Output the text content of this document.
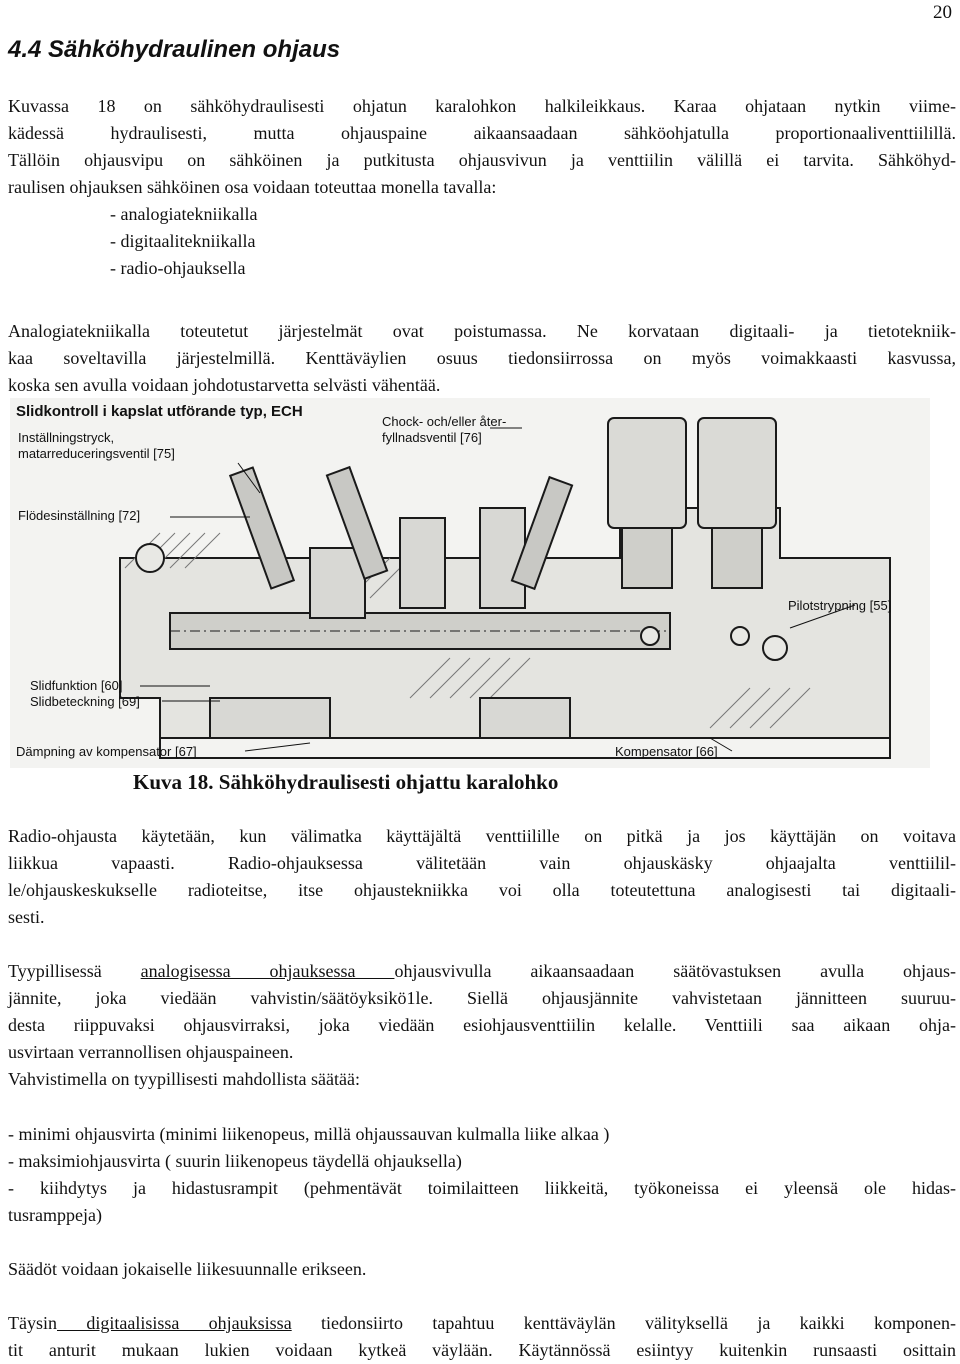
20
4.4 Sähköhydraulinen ohjaus
Kuvassa 18 on sähköhydraulisesti ohjatun karalohkon halkileikkaus. Karaa ohjataan nytkin viime-
kädessä hydraulisesti, mutta ohjauspaine aikaansaadaan sähköohjatulla proportionaaliventtiilillä.
Tällöin ohjausvipu on sähköinen ja putkitusta ohjausvivun ja venttiilin välillä ei tarvita. Sähköhyd-
raulisen ohjauksen sähköinen osa voidaan toteuttaa monella tavalla:
- analogiatekniikalla
- digitaalitekniikalla
- radio-ohjauksella
Analogiatekniikalla toteutetut järjestelmät ovat poistumassa. Ne korvataan digitaali- ja tietotekniik-
kaa soveltavilla järjestelmillä. Kenttäväylien osuus tiedonsiirrossa on myös voimakkaasti kasvussa,
koska sen avulla voidaan johdotustarvetta selvästi vähentää.
Slidkontroll i kapslat utförande typ, ECH
Inställningstryck,
matarreduceringsventil [75]
Flödesinställning [72]
Chock- och/eller åter-
fyllnadsventil [76]
Pilotstrypning [55]
Slidfunktion [60]
Slidbeteckning [69]
Dämpning av kompensator [67]	Kompensator [66]
Kuva 18. Sähköhydraulisesti ohjattu karalohko
Radio-ohjausta käytetään, kun välimatka käyttäjältä venttiilille on pitkä ja jos käyttäjän on voitava
liikkua vapaasti. Radio-ohjauksessa välitetään vain ohjauskäsky ohjaajalta venttiilil-
le/ohjauskeskukselle radioteitse, itse ohjaustekniikka voi olla toteutettuna analogisesti tai digitaali-
sesti.
Tyypillisessä analogisessa ohjauksessa ohjausvivulla aikaansaadaan säätövastuksen avulla ohjaus-
jännite, joka viedään vahvistin/säätöyksikö1le. Siellä ohjausjännite vahvistetaan jännitteen suuruu-
desta riippuvaksi ohjausvirraksi, joka viedään esiohjausventtiilin kelalle. Venttiili saa aikaan ohja-
usvirtaan verrannollisen ohjauspaineen.
Vahvistimella on tyypillisesti mahdollista säätää:
- minimi ohjausvirta (minimi liikenopeus, millä ohjaussauvan kulmalla liike alkaa )
- maksimiohjausvirta ( suurin liikenopeus täydellä ohjauksella)
- kiihdytys ja hidastusrampit (pehmentävät toimilaitteen liikkeitä, työkoneissa ei yleensä ole hidas-
tusramppeja)
Säädöt voidaan jokaiselle liikesuunnalle erikseen.
Täysin digitaalisissa ohjauksissa tiedonsiirto tapahtuu kenttäväylän välityksellä ja kaikki komponen-
tit anturit mukaan lukien voidaan kytkeä väylään. Käytännössä esiintyy kuitenkin runsaasti osittain
